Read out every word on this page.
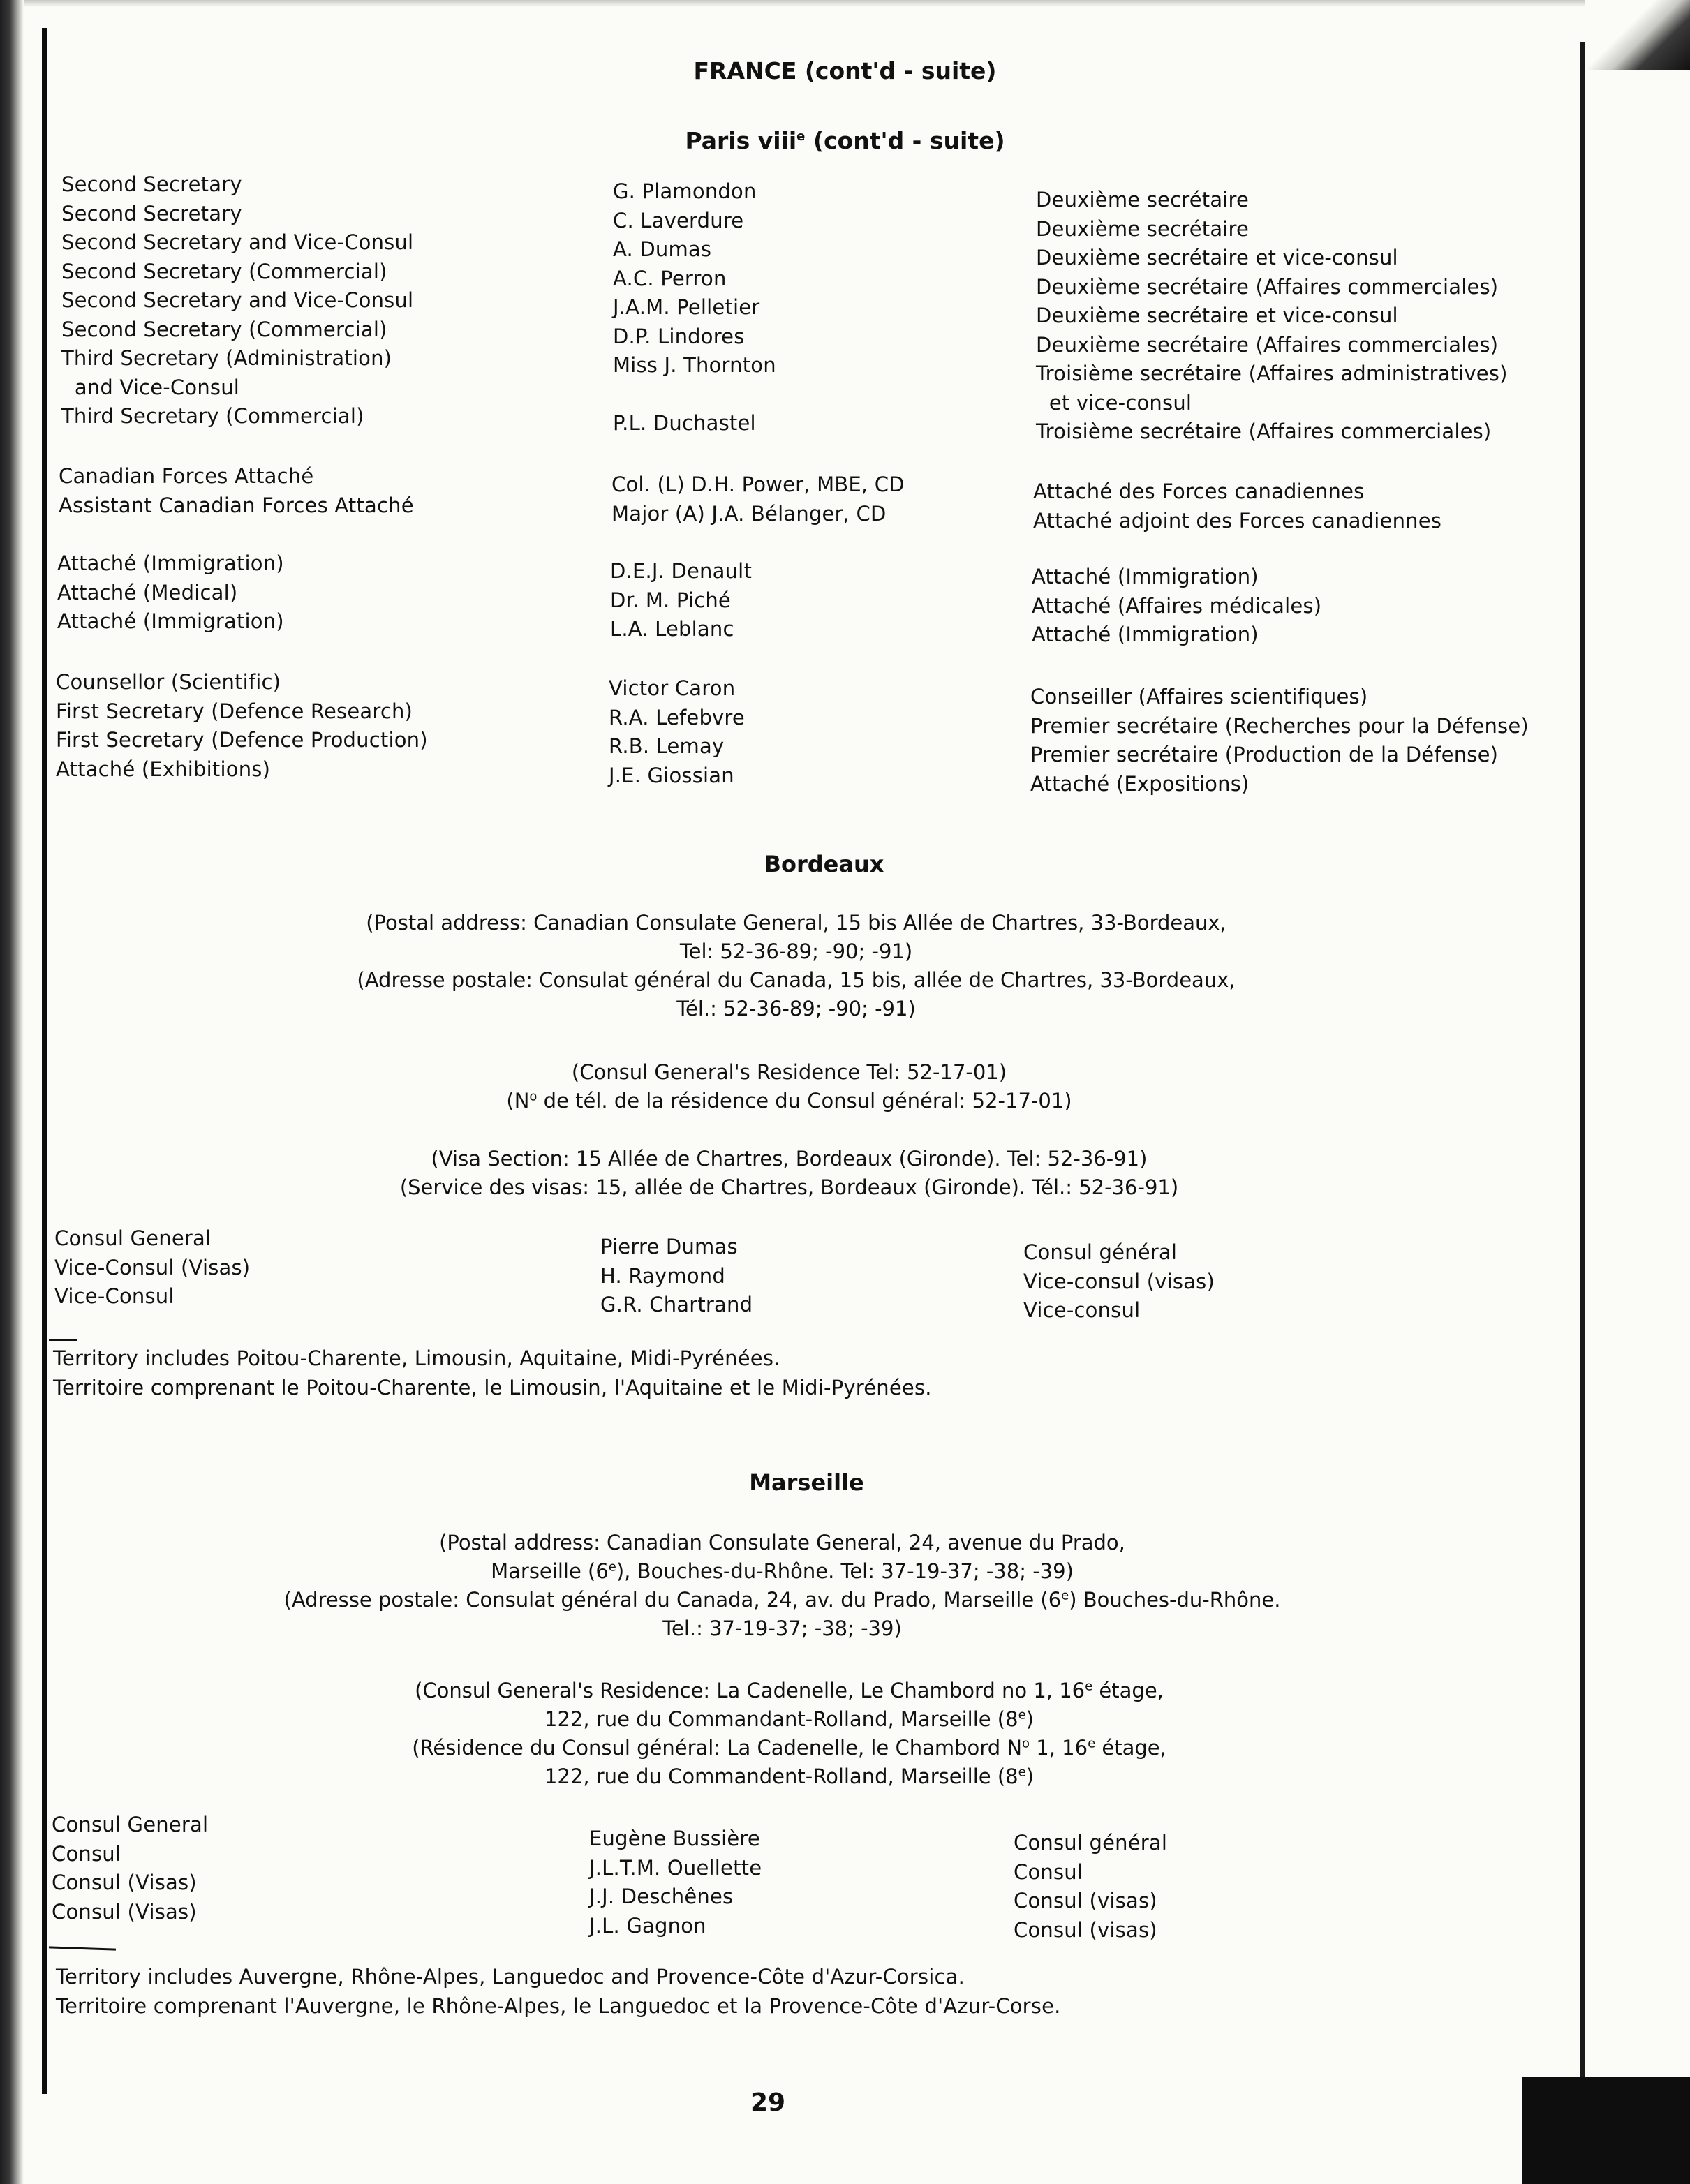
FRANCE (cont'd - suite)
Paris viii$^e$ (cont'd - suite)
Second Secretary
Second Secretary
Second Secretary and Vice-Consul
Second Secretary (Commercial)
Second Secretary and Vice-Consul
Second Secretary (Commercial)
Third Secretary (Administration)
and Vice-Consul
Third Secretary (Commercial)
G. Plamondon
C. Laverdure
A. Dumas
A.C. Perron
J.A.M. Pelletier
D.P. Lindores
Miss J. Thornton
P.L. Duchastel
Deuxième secrétaire
Deuxième secrétaire
Deuxième secrétaire et vice-consul
Deuxième secrétaire (Affaires commerciales)
Deuxième secrétaire et vice-consul
Deuxième secrétaire (Affaires commerciales)
Troisième secrétaire (Affaires administratives)
et vice-consul
Troisième secrétaire (Affaires commerciales)
Canadian Forces Attaché
Assistant Canadian Forces Attaché
Col. (L) D.H. Power, MBE, CD
Major (A) J.A. Bélanger, CD
Attaché des Forces canadiennes
Attaché adjoint des Forces canadiennes
Attaché (Immigration)
Attaché (Medical)
Attaché (Immigration)
D.E.J. Denault
Dr. M. Piché
L.A. Leblanc
Attaché (Immigration)
Attaché (Affaires médicales)
Attaché (Immigration)
Counsellor (Scientific)
First Secretary (Defence Research)
First Secretary (Defence Production)
Attaché (Exhibitions)
Victor Caron
R.A. Lefebvre
R.B. Lemay
J.E. Giossian
Conseiller (Affaires scientifiques)
Premier secrétaire (Recherches pour la Défense)
Premier secrétaire (Production de la Défense)
Attaché (Expositions)
Bordeaux
(Postal address: Canadian Consulate General, 15 bis Allée de Chartres, 33-Bordeaux,
Tel: 52-36-89; -90; -91)
(Adresse postale: Consulat général du Canada, 15 bis, allée de Chartres, 33-Bordeaux,
Tél.: 52-36-89; -90; -91)
(Consul General's Residence Tel: 52-17-01)
($N^o$ de tél. de la résidence du Consul général: 52-17-01)
(Visa Section: 15 Allée de Chartres, Bordeaux (Gironde). Tel: 52-36-91)
(Service des visas: 15, allée de Chartres, Bordeaux (Gironde). Tél.: 52-36-91)
Consul General
Vice-Consul (Visas)
Vice-Consul
Pierre Dumas
H. Raymond
G.R. Chartrand
Consul général
Vice-consul (visas)
Vice-consul
Territory includes Poitou-Charente, Limousin, Aquitaine, Midi-Pyrénées.
Territoire comprenant le Poitou-Charente, le Limousin, l'Aquitaine et le Midi-Pyrénées.
Marseille
(Postal address: Canadian Consulate General, 24, avenue du Prado,
Marseille (6e), Bouches-du-Rhône. Tel: 37-19-37; -38; -39)
(Adresse postale: Consulat général du Canada, 24, av. du Prado, Marseille (6e) Bouches-du-Rhône.
Tel.: 37-19-37; -38; -39)
(Consul General's Residence: La Cadenelle, Le Chambord no 1, 16e étage,
122, rue du Commandant-Rolland, Marseille (8e)
(Résidence du Consul général: La Cadenelle, le Chambord $N^o$ 1, 16e étage,
122, rue du Commandent-Rolland, Marseille (8e)
Consul General
Consul
Consul (Visas)
Consul (Visas)
Eugène Bussière
J.L.T.M. Ouellette
J.J. Deschênes
J.L. Gagnon
Consul général
Consul
Consul (visas)
Consul (visas)
Territory includes Auvergne, Rhône-Alpes, Languedoc and Provence-Côte d'Azur-Corsica.
Territoire comprenant l'Auvergne, le Rhône-Alpes, le Languedoc et la Provence-Côte d'Azur-Corse.
29
